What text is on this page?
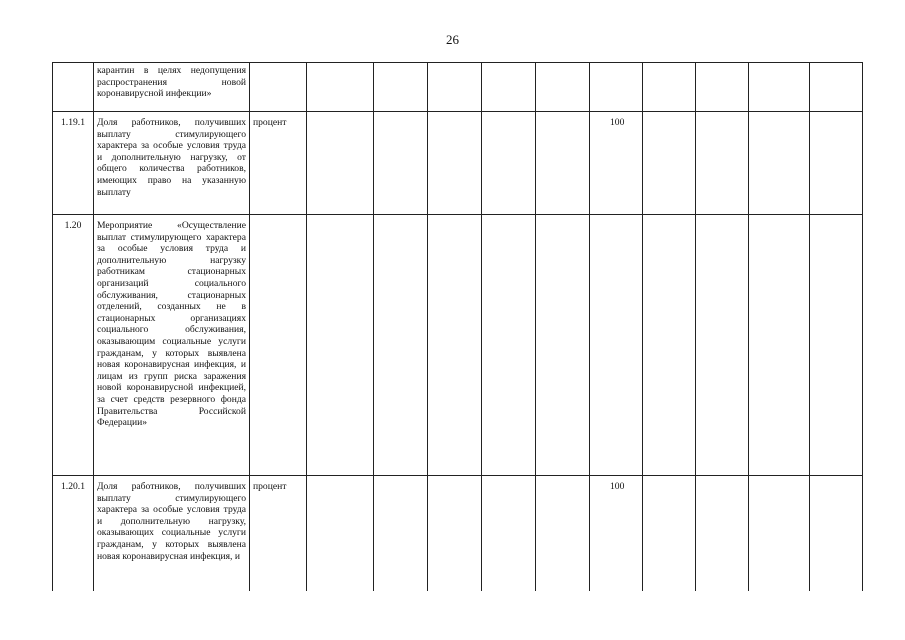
26
	карантин в целях недопущения распространения новой коронавирусной инфекции»											
1.19.1	Доля работников, получивших выплату стимулирующего характера за особые условия труда и дополнительную нагрузку, от общего количества работников, имеющих право на указанную выплату	процент						100				
1.20	Мероприятие «Осуществление выплат стимулирующего характера за особые условия труда и дополнительную нагрузку работникам стационарных организаций социального обслуживания, стационарных отделений, созданных не в стационарных организациях социального обслуживания, оказывающим социальные услуги гражданам, у которых выявлена новая коронавирусная инфекция, и лицам из групп риска заражения новой коронавирусной инфекцией, за счет средств резервного фонда Правительства Российской Федерации»											
1.20.1	Доля работников, получивших выплату стимулирующего характера за особые условия труда и дополнительную нагрузку, оказывающих социальные услуги гражданам, у которых выявлена новая коронавирусная инфекция, и	процент						100				
